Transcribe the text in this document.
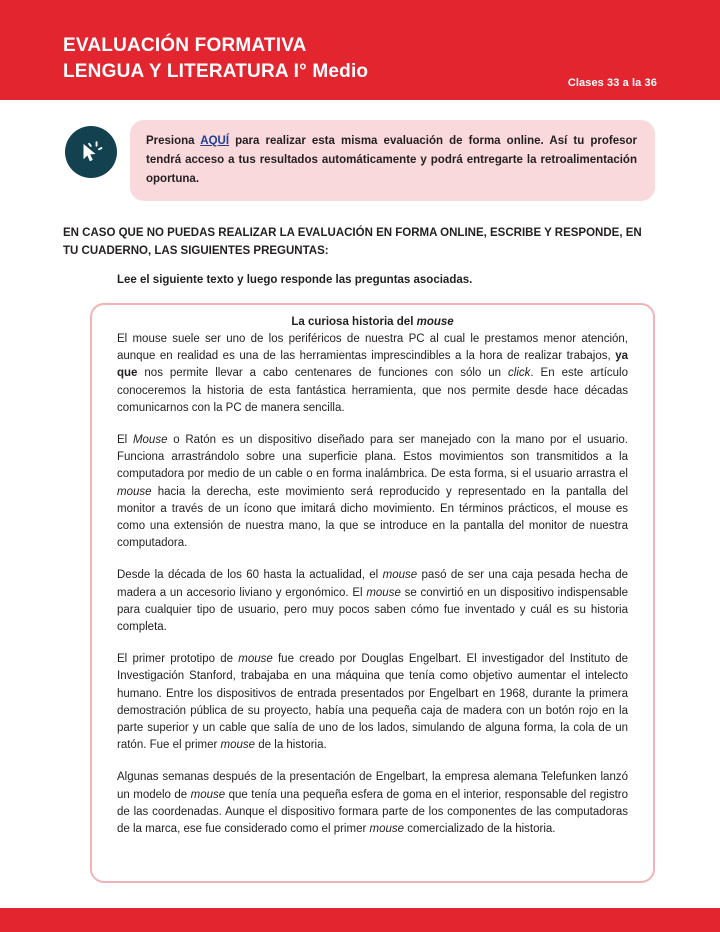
EVALUACIÓN FORMATIVA
LENGUA Y LITERATURA I° Medio
Clases 33 a la 36

Presiona AQUÍ para realizar esta misma evaluación de forma online. Así tu profesor tendrá acceso a tus resultados automáticamente y podrá entregarte la retroalimentación oportuna.

EN CASO QUE NO PUEDAS REALIZAR LA EVALUACIÓN EN FORMA ONLINE, ESCRIBE Y RESPONDE, EN TU CUADERNO, LAS SIGUIENTES PREGUNTAS:
Lee el siguiente texto y luego responde las preguntas asociadas.

La curiosa historia del mouse

El mouse suele ser uno de los periféricos de nuestra PC al cual le prestamos menor atención, aunque en realidad es una de las herramientas imprescindibles a la hora de realizar trabajos, ya que nos permite llevar a cabo centenares de funciones con sólo un click. En este artículo conoceremos la historia de esta fantástica herramienta, que nos permite desde hace décadas comunicarnos con la PC de manera sencilla.

El Mouse o Ratón es un dispositivo diseñado para ser manejado con la mano por el usuario. Funciona arrastrándolo sobre una superficie plana. Estos movimientos son transmitidos a la computadora por medio de un cable o en forma inalámbrica. De esta forma, si el usuario arrastra el mouse hacia la derecha, este movimiento será reproducido y representado en la pantalla del monitor a través de un ícono que imitará dicho movimiento. En términos prácticos, el mouse es como una extensión de nuestra mano, la que se introduce en la pantalla del monitor de nuestra computadora.

Desde la década de los 60 hasta la actualidad, el mouse pasó de ser una caja pesada hecha de madera a un accesorio liviano y ergonómico. El mouse se convirtió en un dispositivo indispensable para cualquier tipo de usuario, pero muy pocos saben cómo fue inventado y cuál es su historia completa.

El primer prototipo de mouse fue creado por Douglas Engelbart. El investigador del Instituto de Investigación Stanford, trabajaba en una máquina que tenía como objetivo aumentar el intelecto humano. Entre los dispositivos de entrada presentados por Engelbart en 1968, durante la primera demostración pública de su proyecto, había una pequeña caja de madera con un botón rojo en la parte superior y un cable que salía de uno de los lados, simulando de alguna forma, la cola de un ratón. Fue el primer mouse de la historia.

Algunas semanas después de la presentación de Engelbart, la empresa alemana Telefunken lanzó un modelo de mouse que tenía una pequeña esfera de goma en el interior, responsable del registro de las coordenadas. Aunque el dispositivo formara parte de los componentes de las computadoras de la marca, ese fue considerado como el primer mouse comercializado de la historia.
